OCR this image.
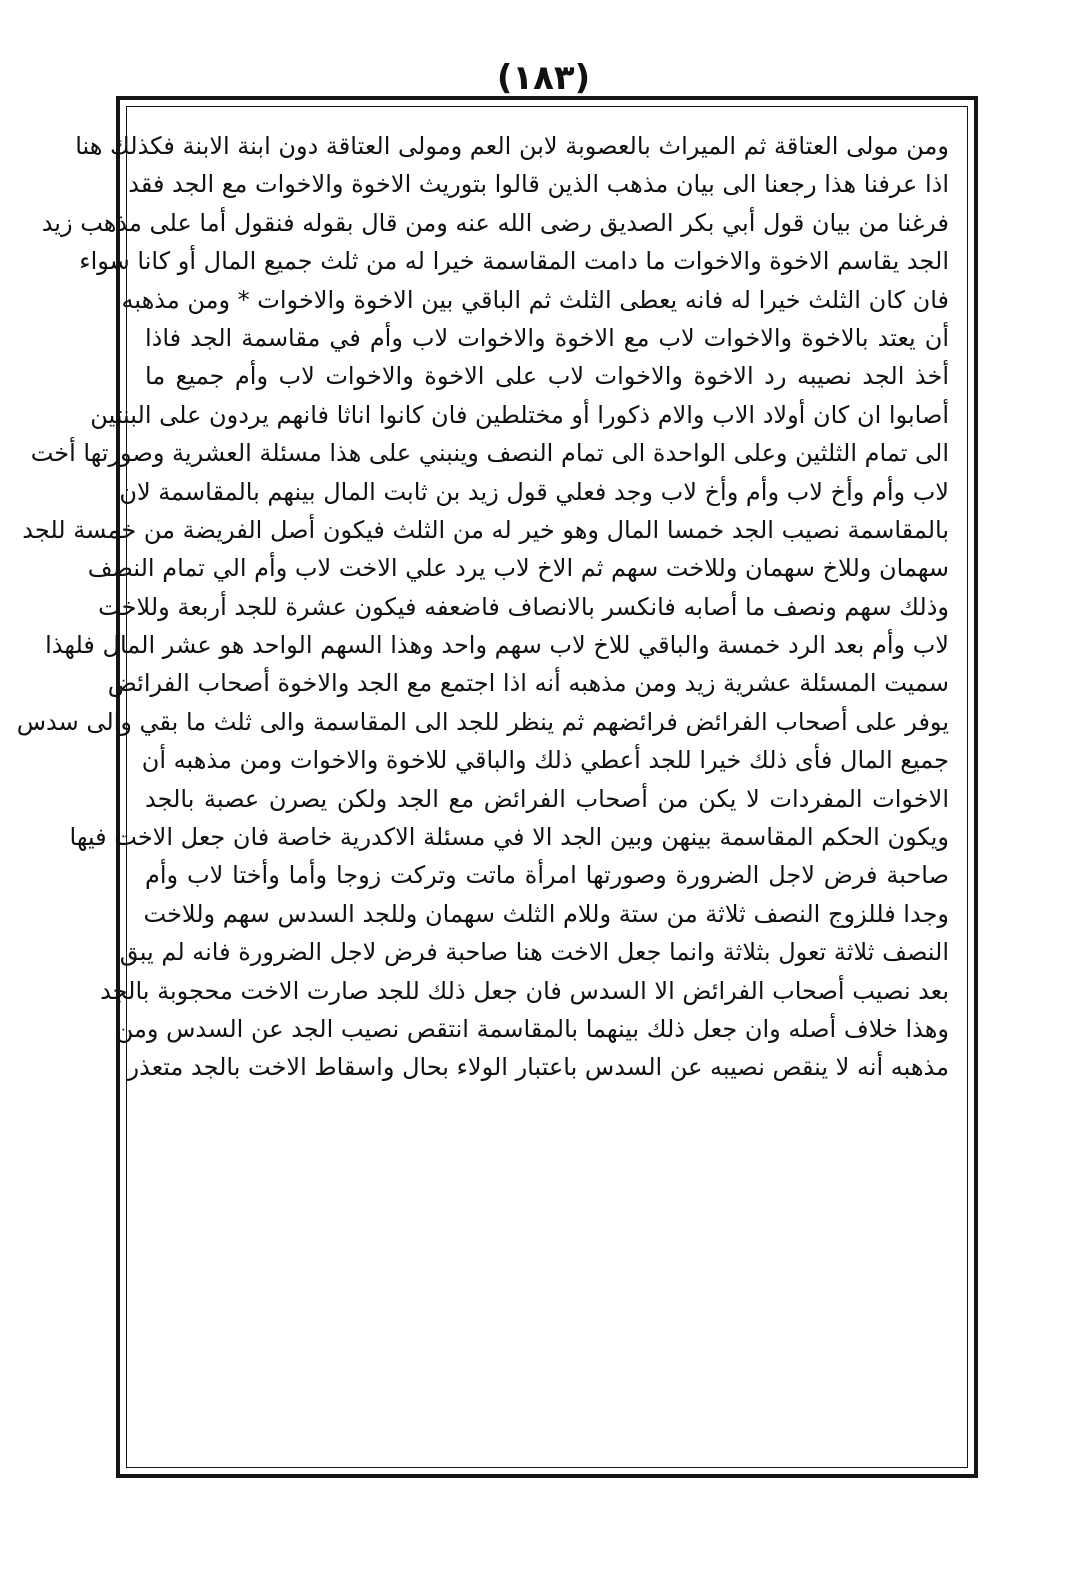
(١٨٣)
ومن مولى العتاقة ثم الميراث بالعصوبة لابن العم ومولى العتاقة دون ابنة الابنة فكذلك هنا
اذا عرفنا هذا رجعنا الى بيان مذهب الذين قالوا بتوريث الاخوة والاخوات مع الجد فقد
فرغنا من بيان قول أبي بكر الصديق رضى الله عنه ومن قال بقوله فنقول أما على مذهب زيد
الجد يقاسم الاخوة والاخوات ما دامت المقاسمة خيرا له من ثلث جميع المال أو كانا سواء
فان كان الثلث خيرا له فانه يعطى الثلث ثم الباقي بين الاخوة والاخوات * ومن مذهبه
أن يعتد بالاخوة والاخوات لاب مع الاخوة والاخوات لاب وأم في مقاسمة الجد فاذا
أخذ الجد نصيبه رد الاخوة والاخوات لاب على الاخوة والاخوات لاب وأم جميع ما
أصابوا ان كان أولاد الاب والام ذكورا أو مختلطين فان كانوا اناثا فانهم يردون على البنتين
الى تمام الثلثين وعلى الواحدة الى تمام النصف وينبني على هذا مسئلة العشرية وصورتها أخت
لاب وأم وأخ لاب وأم وأخ لاب وجد فعلي قول زيد بن ثابت المال بينهم بالمقاسمة لان
بالمقاسمة نصيب الجد خمسا المال وهو خير له من الثلث فيكون أصل الفريضة من خمسة للجد
سهمان وللاخ سهمان وللاخت سهم ثم الاخ لاب يرد علي الاخت لاب وأم الي تمام النصف
وذلك سهم ونصف ما أصابه فانكسر بالانصاف فاضعفه فيكون عشرة للجد أربعة وللاخت
لاب وأم بعد الرد خمسة والباقي للاخ لاب سهم واحد وهذا السهم الواحد هو عشر المال فلهذا
سميت المسئلة عشرية زيد ومن مذهبه أنه اذا اجتمع مع الجد والاخوة أصحاب الفرائض
يوفر على أصحاب الفرائض فرائضهم ثم ينظر للجد الى المقاسمة والى ثلث ما بقي والى سدس
جميع المال فأى ذلك خيرا للجد أعطي ذلك والباقي للاخوة والاخوات ومن مذهبه أن
الاخوات المفردات لا يكن من أصحاب الفرائض مع الجد ولكن يصرن عصبة بالجد
ويكون الحكم المقاسمة بينهن وبين الجد الا في مسئلة الاكدرية خاصة فان جعل الاخت فيها
صاحبة فرض لاجل الضرورة وصورتها امرأة ماتت وتركت زوجا وأما وأختا لاب وأم
وجدا فللزوج النصف ثلاثة من ستة وللام الثلث سهمان وللجد السدس سهم وللاخت
النصف ثلاثة تعول بثلاثة وانما جعل الاخت هنا صاحبة فرض لاجل الضرورة فانه لم يبق
بعد نصيب أصحاب الفرائض الا السدس فان جعل ذلك للجد صارت الاخت محجوبة بالجد
وهذا خلاف أصله وان جعل ذلك بينهما بالمقاسمة انتقص نصيب الجد عن السدس ومن
مذهبه أنه لا ينقص نصيبه عن السدس باعتبار الولاء بحال واسقاط الاخت بالجد متعذر
